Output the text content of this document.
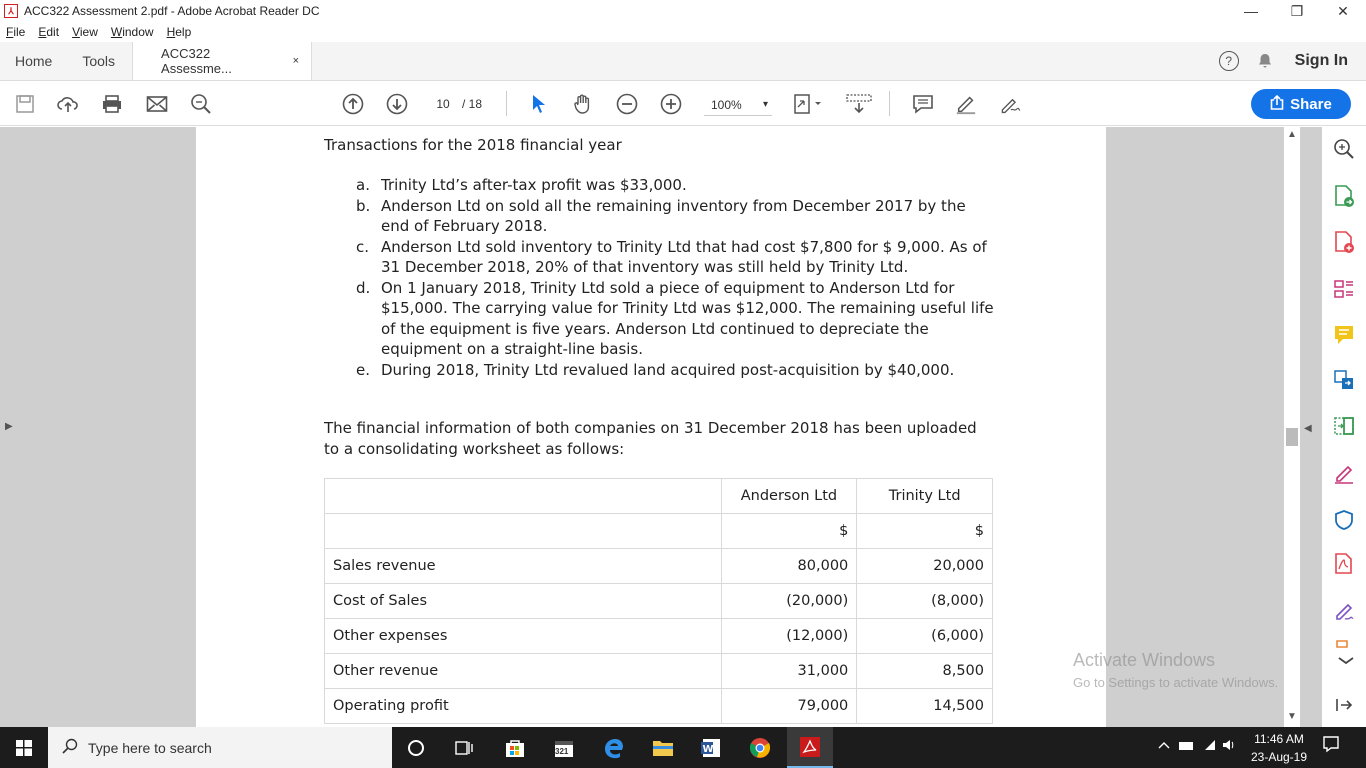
⅄ ACC322 Assessment 2.pdf - Adobe Acrobat Reader DC	—	❐	✕
File Edit View Window Help
Home	Tools	ACC322 Assessme...	×	?	Sign In
10	/ 18	100% ▾	Share
▶
Transactions for the 2018 financial year
a. Trinity Ltd’s after-tax profit was $33,000.
b. Anderson Ltd on sold all the remaining inventory from December 2017 by the end of February 2018.
c. Anderson Ltd sold inventory to Trinity Ltd that had cost $7,800 for $ 9,000. As of 31 December 2018, 20% of that inventory was still held by Trinity Ltd.
d. On 1 January 2018, Trinity Ltd sold a piece of equipment to Anderson Ltd for $15,000. The carrying value for Trinity Ltd was $12,000. The remaining useful life of the equipment is five years. Anderson Ltd continued to depreciate the equipment on a straight-line basis.
e. During 2018, Trinity Ltd revalued land acquired post-acquisition by $40,000.
The financial information of both companies on 31 December 2018 has been uploaded to a consolidating worksheet as follows:
	Anderson Ltd	Trinity Ltd
	$	$
Sales revenue	80,000	20,000
Cost of Sales	(20,000)	(8,000)
Other expenses	(12,000)	(6,000)
Other revenue	31,000	8,500
Operating profit	79,000	14,500
Activate Windows
Go to Settings to activate Windows.
▲
▼
◀
Type here to search	321	W
11:46 AM
23-Aug-19
